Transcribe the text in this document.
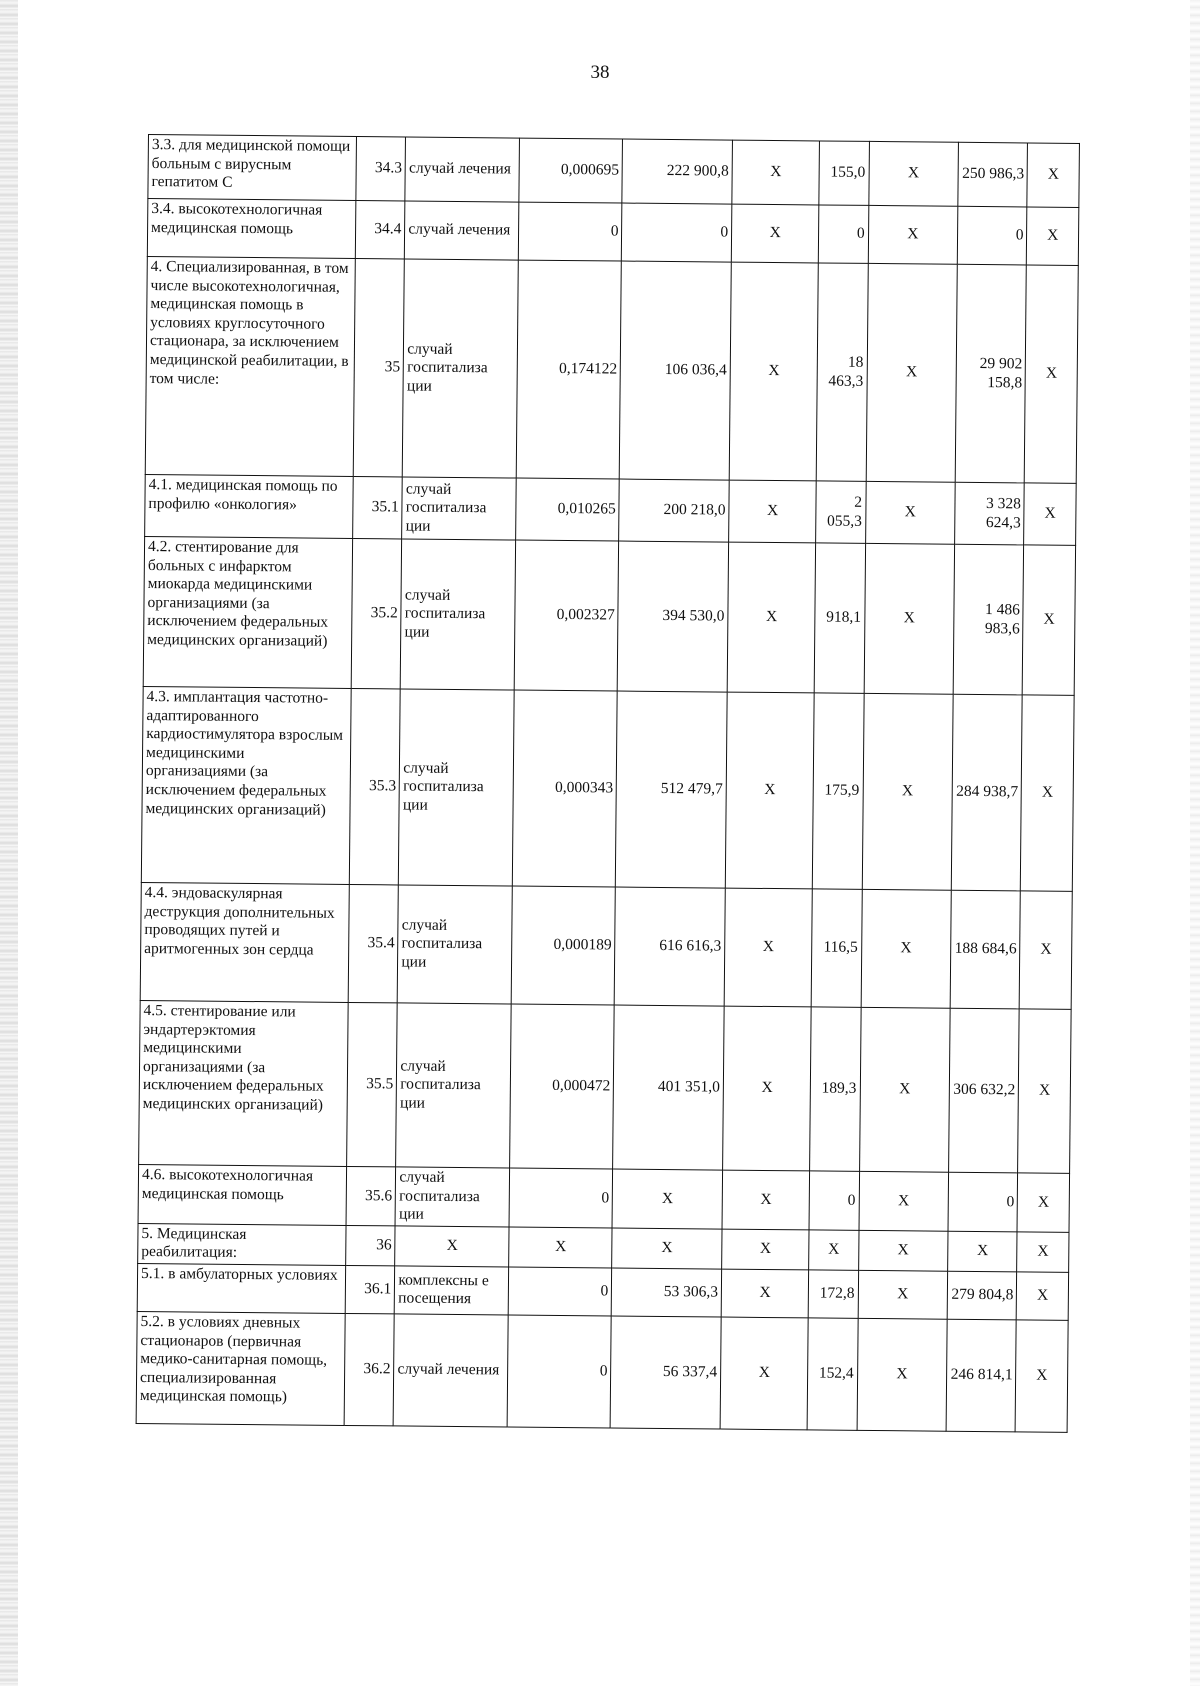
38
3.3. для медицинской помощи больным с вирусным гепатитом С	34.3	случай лечения	0,000695	222 900,8	Х	155,0	Х	250 986,3	Х
3.4. высокотехнологичная медицинская помощь	34.4	случай лечения	0	0	Х	0	Х	0	Х
4. Специализированная, в том числе высокотехнологичная, медицинская помощь в условиях круглосуточного стационара, за исключением медицинской реабилитации, в том числе:	35	случай госпитализа ции	0,174122	106 036,4	Х	18 463,3	Х	29 902 158,8	Х
4.1. медицинская помощь по профилю «онкология»	35.1	случай госпитализа ции	0,010265	200 218,0	Х	2 055,3	Х	3 328 624,3	Х
4.2. стентирование для больных с инфарктом миокарда медицинскими организациями (за исключением федеральных медицинских организаций)	35.2	случай госпитализа ции	0,002327	394 530,0	Х	918,1	Х	1 486 983,6	Х
4.3. имплантация частотно-адаптированного кардиостимулятора взрослым медицинскими организациями (за исключением федеральных медицинских организаций)	35.3	случай госпитализа ции	0,000343	512 479,7	Х	175,9	Х	284 938,7	Х
4.4. эндоваскулярная деструкция дополнительных проводящих путей и аритмогенных зон сердца	35.4	случай госпитализа ции	0,000189	616 616,3	Х	116,5	Х	188 684,6	Х
4.5. стентирование или эндартерэктомия медицинскими организациями (за исключением федеральных медицинских организаций)	35.5	случай госпитализа ции	0,000472	401 351,0	Х	189,3	Х	306 632,2	Х
4.6. высокотехнологичная медицинская помощь	35.6	случай госпитализа ции	0	Х	Х	0	Х	0	Х
5. Медицинская реабилитация:	36	Х	Х	Х	Х	Х	Х	Х	Х
5.1. в амбулаторных условиях	36.1	комплексны е посещения	0	53 306,3	Х	172,8	Х	279 804,8	Х
5.2. в условиях дневных стационаров (первичная медико-санитарная помощь, специализированная медицинская помощь)	36.2	случай лечения	0	56 337,4	Х	152,4	Х	246 814,1	Х
